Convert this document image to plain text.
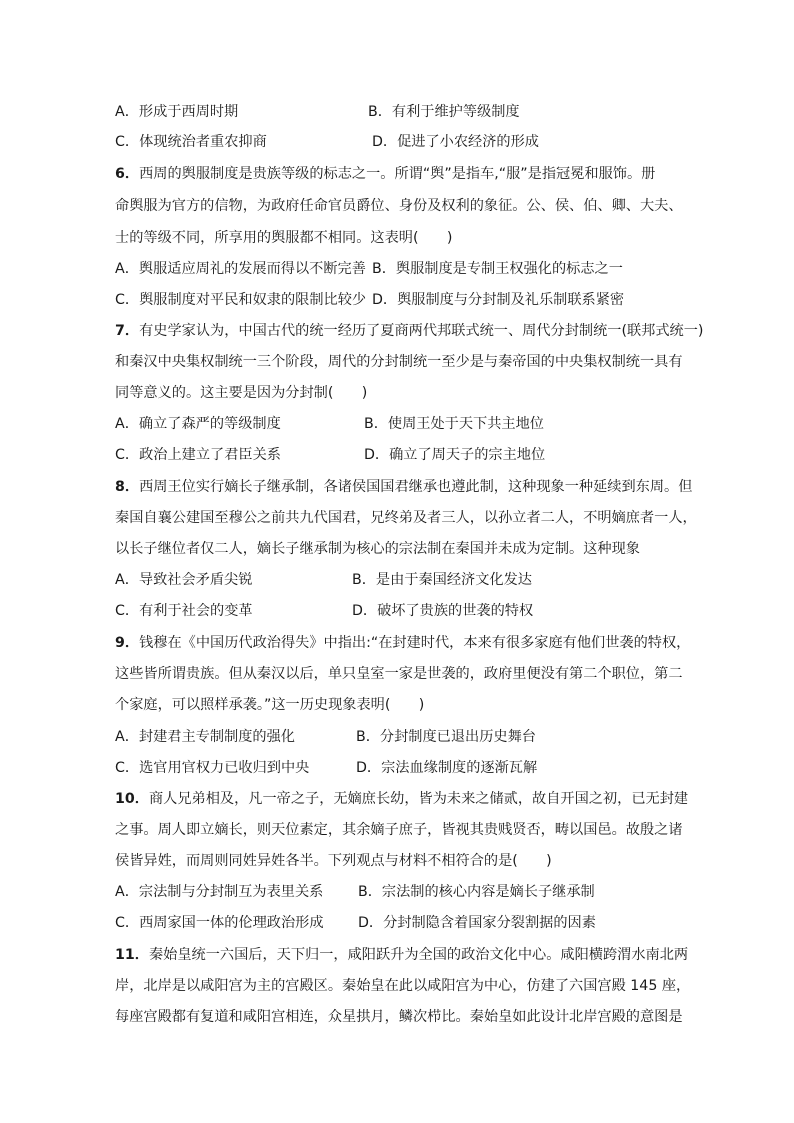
A．形成于西周时期	B．有利于维护等级制度
C．体现统治者重农抑商	D．促进了小农经济的形成
6．西周的舆服制度是贵族等级的标志之一。所谓“舆”是指车,“服”是指冠冕和服饰。册
命舆服为官方的信物，为政府任命官员爵位、身份及权利的象征。公、侯、伯、卿、大夫、
士的等级不同，所享用的舆服都不相同。这表明(　　)
A．舆服适应周礼的发展而得以不断完善 B．舆服制度是专制王权强化的标志之一
C．舆服制度对平民和奴隶的限制比较少 D．舆服制度与分封制及礼乐制联系紧密
7．有史学家认为，中国古代的统一经历了夏商两代邦联式统一、周代分封制统一(联邦式统一)
和秦汉中央集权制统一三个阶段，周代的分封制统一至少是与秦帝国的中央集权制统一具有
同等意义的。这主要是因为分封制(　　)
A．确立了森严的等级制度	B．使周王处于天下共主地位
C．政治上建立了君臣关系	D．确立了周天子的宗主地位
8．西周王位实行嫡长子继承制，各诸侯国国君继承也遵此制，这种现象一种延续到东周。但
秦国自襄公建国至穆公之前共九代国君，兄终弟及者三人，以孙立者二人，不明嫡庶者一人，
以长子继位者仅二人，嫡长子继承制为核心的宗法制在秦国并未成为定制。这种现象
A．导致社会矛盾尖锐	B．是由于秦国经济文化发达
C．有利于社会的变革	D．破坏了贵族的世袭的特权
9．钱穆在《中国历代政治得失》中指出:“在封建时代，本来有很多家庭有他们世袭的特权，
这些皆所谓贵族。但从秦汉以后，单只皇室一家是世袭的，政府里便没有第二个职位，第二
个家庭，可以照样承袭。”这一历史现象表明(　　)
A．封建君主专制制度的强化	B．分封制度已退出历史舞台
C．选官用官权力已收归到中央	D．宗法血缘制度的逐渐瓦解
10．商人兄弟相及，凡一帝之子，无嫡庶长幼，皆为未来之储贰，故自开国之初，已无封建
之事。周人即立嫡长，则天位素定，其余嫡子庶子，皆视其贵贱贤否，畴以国邑。故殷之诸
侯皆异姓，而周则同姓异姓各半。下列观点与材料不相符合的是(　　)
A．宗法制与分封制互为表里关系 B．宗法制的核心内容是嫡长子继承制
C．西周家国一体的伦理政治形成 D．分封制隐含着国家分裂割据的因素
11．秦始皇统一六国后，天下归一，咸阳跃升为全国的政治文化中心。咸阳横跨渭水南北两
岸，北岸是以咸阳宫为主的宫殿区。秦始皇在此以咸阳宫为中心，仿建了六国宫殿 145 座，
每座宫殿都有复道和咸阳宫相连，众星拱月，鳞次栉比。秦始皇如此设计北岸宫殿的意图是
